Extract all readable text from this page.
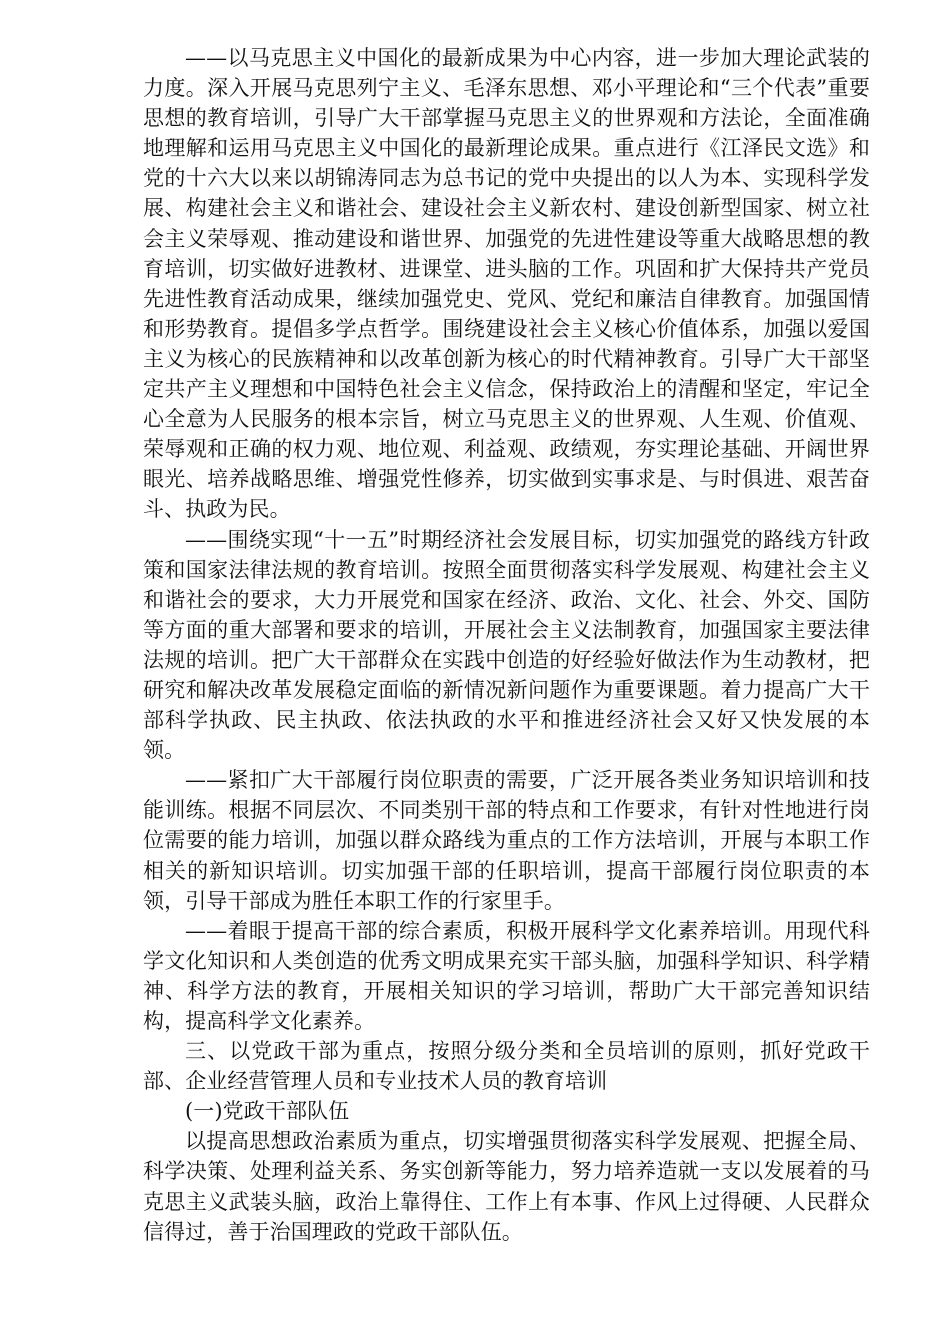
——以马克思主义中国化的最新成果为中心内容，进一步加大理论武装的力度。深入开展马克思列宁主义、毛泽东思想、邓小平理论和“三个代表”重要思想的教育培训，引导广大干部掌握马克思主义的世界观和方法论，全面准确地理解和运用马克思主义中国化的最新理论成果。重点进行《江泽民文选》和党的十六大以来以胡锦涛同志为总书记的党中央提出的以人为本、实现科学发展、构建社会主义和谐社会、建设社会主义新农村、建设创新型国家、树立社会主义荣辱观、推动建设和谐世界、加强党的先进性建设等重大战略思想的教育培训，切实做好进教材、进课堂、进头脑的工作。巩固和扩大保持共产党员先进性教育活动成果，继续加强党史、党风、党纪和廉洁自律教育。加强国情和形势教育。提倡多学点哲学。围绕建设社会主义核心价值体系，加强以爱国主义为核心的民族精神和以改革创新为核心的时代精神教育。引导广大干部坚定共产主义理想和中国特色社会主义信念，保持政治上的清醒和坚定，牢记全心全意为人民服务的根本宗旨，树立马克思主义的世界观、人生观、价值观、荣辱观和正确的权力观、地位观、利益观、政绩观，夯实理论基础、开阔世界眼光、培养战略思维、增强党性修养，切实做到实事求是、与时俱进、艰苦奋斗、执政为民。

——围绕实现“十一五”时期经济社会发展目标，切实加强党的路线方针政策和国家法律法规的教育培训。按照全面贯彻落实科学发展观、构建社会主义和谐社会的要求，大力开展党和国家在经济、政治、文化、社会、外交、国防等方面的重大部署和要求的培训，开展社会主义法制教育，加强国家主要法律法规的培训。把广大干部群众在实践中创造的好经验好做法作为生动教材，把研究和解决改革发展稳定面临的新情况新问题作为重要课题。着力提高广大干部科学执政、民主执政、依法执政的水平和推进经济社会又好又快发展的本领。

——紧扣广大干部履行岗位职责的需要，广泛开展各类业务知识培训和技能训练。根据不同层次、不同类别干部的特点和工作要求，有针对性地进行岗位需要的能力培训，加强以群众路线为重点的工作方法培训，开展与本职工作相关的新知识培训。切实加强干部的任职培训，提高干部履行岗位职责的本领，引导干部成为胜任本职工作的行家里手。

——着眼于提高干部的综合素质，积极开展科学文化素养培训。用现代科学文化知识和人类创造的优秀文明成果充实干部头脑，加强科学知识、科学精神、科学方法的教育，开展相关知识的学习培训，帮助广大干部完善知识结构，提高科学文化素养。

三、以党政干部为重点，按照分级分类和全员培训的原则，抓好党政干部、企业经营管理人员和专业技术人员的教育培训

(一)党政干部队伍

以提高思想政治素质为重点，切实增强贯彻落实科学发展观、把握全局、科学决策、处理利益关系、务实创新等能力，努力培养造就一支以发展着的马克思主义武装头脑，政治上靠得住、工作上有本事、作风上过得硬、人民群众信得过，善于治国理政的党政干部队伍。
